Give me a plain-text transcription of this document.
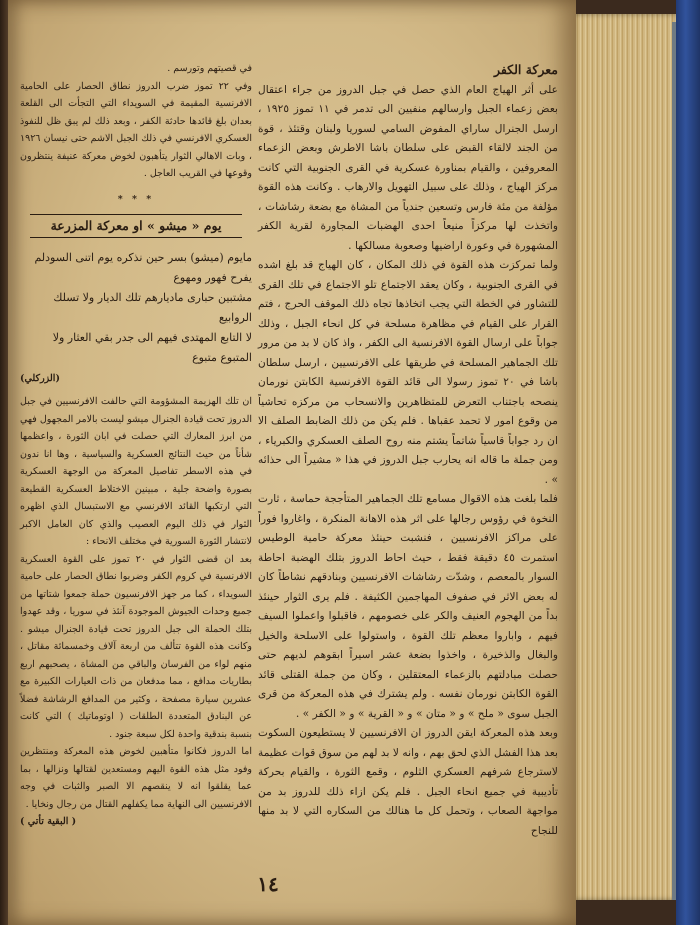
معركة الكفر

على أثر الهياج العام الذي حصل في جبل الدروز من جراء اعتقال بعض زعماء الجبل وارسالهم منفيين الى تدمر في ١١ تموز ١٩٢٥ ، ارسل الجنرال ساراي المفوض السامي لسوريا ولبنان وقتئذ ، قوة من الجند لالقاء القبض على سلطان باشا الاطرش وبعض الزعماء المعروفين ، والقيام بمناورة عسكرية في القرى الجنوبية التي كانت مركز الهياج ، وذلك على سبيل التهويل والارهاب . وكانت هذه القوة مؤلفة من مئة فارس وتسعين جندياً من المشاة مع بضعة رشاشات ، واتخذت لها مركزاً منيعاً احدى الهضبات المجاورة لقرية الكفر المشهورة في وعورة اراضيها وصعوبة مسالكها .

ولما تمركزت هذه القوة في ذلك المكان ، كان الهياج قد بلغ اشده في القرى الجنوبية ، وكان يعقد الاجتماع تلو الاجتماع في تلك القرى للتشاور في الخطة التي يجب اتخاذها تجاه ذلك الموقف الحرج ، فتم القرار على القيام في مظاهرة مسلحة في كل انحاء الجبل ، وذلك جواباً على ارسال القوة الافرنسية الى الكفر ، واذ كان لا بد من مرور تلك الجماهير المسلحة في طريقها على الافرنسيين ، ارسل سلطان باشا في ٢٠ تموز رسولا الى قائد القوة الافرنسية الكابتن نورمان ينصحه باجتناب التعرض للمتظاهرين والانسحاب من مركزه تحاشياً من وقوع امور لا تحمد عقباها . فلم يكن من ذلك الضابط الصلف الا ان رد جواباً قاسياً شاتماً يشتم منه روح الصلف العسكري والكبرياء ، ومن جملة ما قاله انه يحارب جبل الدروز في هذا « مشيراً الى حذائه » .

فلما بلغت هذه الاقوال مسامع تلك الجماهير المتأججة حماسة ، ثارت النخوة في رؤوس رجالها على اثر هذه الاهانة المنكرة ، واغاروا فوراً على مراكز الافرنسيين ، فنشبت حينئذ معركة حامية الوطيس استمرت ٤٥ دقيقة فقط ، حيث احاط الدروز بتلك الهضبة احاطة السوار بالمعصم ، وشدّت رشاشات الافرنسيين وبنادقهم نشاطاً كان له بعض الاثر في صفوف المهاجمين الكثيفة . فلم يرى الثوار حينئذ بداً من الهجوم العنيف والكر على خصومهم ، فاقبلوا واعملوا السيف فيهم ، واباروا معظم تلك القوة ، واستولوا على الاسلحة والخيل والبغال والذخيرة ، واخذوا بضعة عشر اسيراً ابقوهم لديهم حتى حصلت مبادلتهم بالزعماء المعتقلين ، وكان من جملة القتلى قائد القوة الكابتن نورمان نفسه . ولم يشترك في هذه المعركة من قرى الجبل سوى « ملح » و « متان » و « القرية » و « الكفر » .

وبعد هذه المعركة ايقن الدروز ان الافرنسيين لا يستطيعون السكوت بعد هذا الفشل الذي لحق بهم ، وانه لا بد لهم من سوق قوات عظيمة لاسترجاع شرفهم العسكري الثلوم ، وقمع الثورة ، والقيام بحركة تأديبية في جميع انحاء الجبل . فلم يكن ازاء ذلك للدروز بد من مواجهة الصعاب ، وتحمل كل ما هنالك من السكاره التي لا بد منها للنجاح

في قصيتهم وتورسم .

وفي ٢٢ تموز ضرب الدروز نطاق الحصار على الحامية الافرنسية المقيمة في السويداء التي التجأت الى القلعة بعدان بلغ قائدها حادثة الكفر ، وبعد ذلك لم يبق ظل للنفوذ العسكري الافرنسي في ذلك الجبل الاشم حتى نيسان ١٩٢٦ ، وبات الاهالي الثوار يتأهبون لخوض معركة عنيفة ينتظرون وقوعها في القريب العاجل .

* * *
يوم « ميشو » او معركة المزرعة

مايوم (ميشو) بسر حين نذكره يوم اتنى السودلم يفرح فهور ومهوع

مشتبين حبارى ماديارهم تلك الديار ولا تسلك الروابيع

لا التابع المهتدى فيهم الى جدر بقي العثار ولا المتبوع متبوع

(الزركلي)

ان تلك الهزيمة المشؤومة التي حالفت الافرنسيين في جبل الدروز تحت قيادة الجنرال ميشو ليست بالامر المجهول فهي من ابرز المعارك التي حصلت في ابان الثورة ، واعظمها شأناً من حيث النتائج العسكرية والسياسية ، وها انا ندون في هذه الاسطر تفاصيل المعركة من الوجهة العسكرية بصورة واضحة جلية ، مبينين الاختلاط العسكرية القطيعة التي ارتكبها القائد الافرنسي مع الاستبسال الذي اظهره الثوار في ذلك اليوم العصيب والذي كان العامل الاكبر لانتشار الثورة السورية في مختلف الانحاء :

بعد ان قضى الثوار في ٢٠ تموز على القوة العسكرية الافرنسية في كروم الكفر وضربوا نطاق الحصار على حامية السويداء ، كما مر جهز الافرنسيون حملة جمعوا شتاتها من جميع وحدات الجيوش الموجودة آنئذ في سوريا ، وقد عهدوا بتلك الحملة الى جبل الدروز تحت قيادة الجنرال ميشو . وكانت هذه القوة تتألف من اربعة آلاف وخمسمائة مقاتل ، منهم لواء من الفرسان والباقي من المشاة ، يصحبهم اربع بطاريات مدافع ، مما مدفعان من ذات العيارات الكبيرة مع عشرين سيارة مصفحة ، وكثير من المدافع الرشاشة فضلاً عن البنادق المتعددة الطلقات ( اوتوماتيك ) التي كانت بنسبة بندقية واحدة لكل سبعة جنود .

اما الدروز فكانوا متأهبين لخوض هذه المعركة ومنتظرين وفود مثل هذه القوة اليهم ومستعدين لقتالها ونزالها ، بما عما يقلقوا انه لا ينقصهم الا الصبر والثبات في وجه الافرنسيين الى النهاية مما يكفلهم القتال من رجال ونخايا .

( البقية تأتي )
١٤
